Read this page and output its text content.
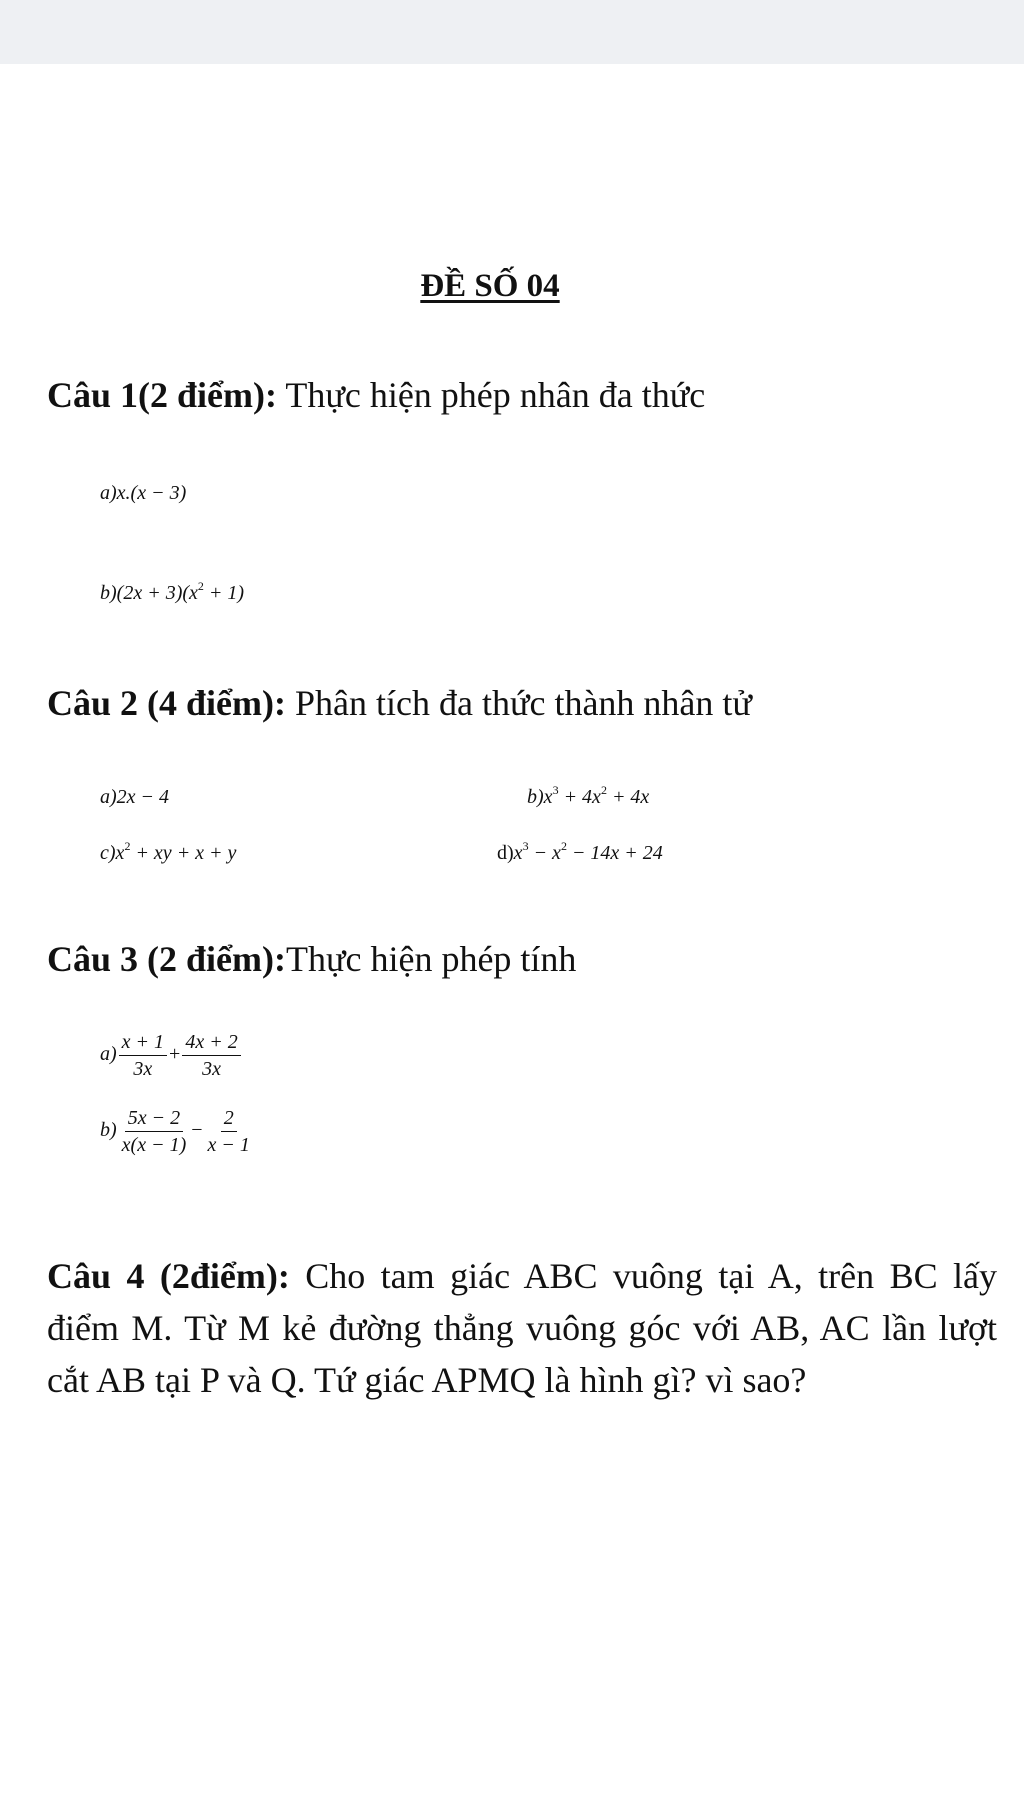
ĐỀ SỐ 04
Câu 1(2 điểm): Thực hiện phép nhân đa thức
a)x.(x − 3)
$b)(2x + 3)(x^2 + 1)$
Câu 2 (4 điểm): Phân tích đa thức thành nhân tử
a)2x − 4	$b)x^3 + 4x^2 + 4x$
$c)x^2$ + xy + x + y	$d)x^3 - x^2 - 14x + 24$
Câu 3 (2 điểm):Thực hiện phép tính
$a) \frac{x + 1}{3x} + \frac{4x + 2}{3x}$
$b) \frac{5x - 2}{x(x - 1)} - \frac{2}{x - 1}$
Câu 4 (2điểm): Cho tam giác ABC vuông tại A, trên BC lấy điểm M. Từ M kẻ đường thẳng vuông góc với AB, AC lần lượt cắt AB tại P và Q. Tứ giác APMQ là hình gì? vì sao?
